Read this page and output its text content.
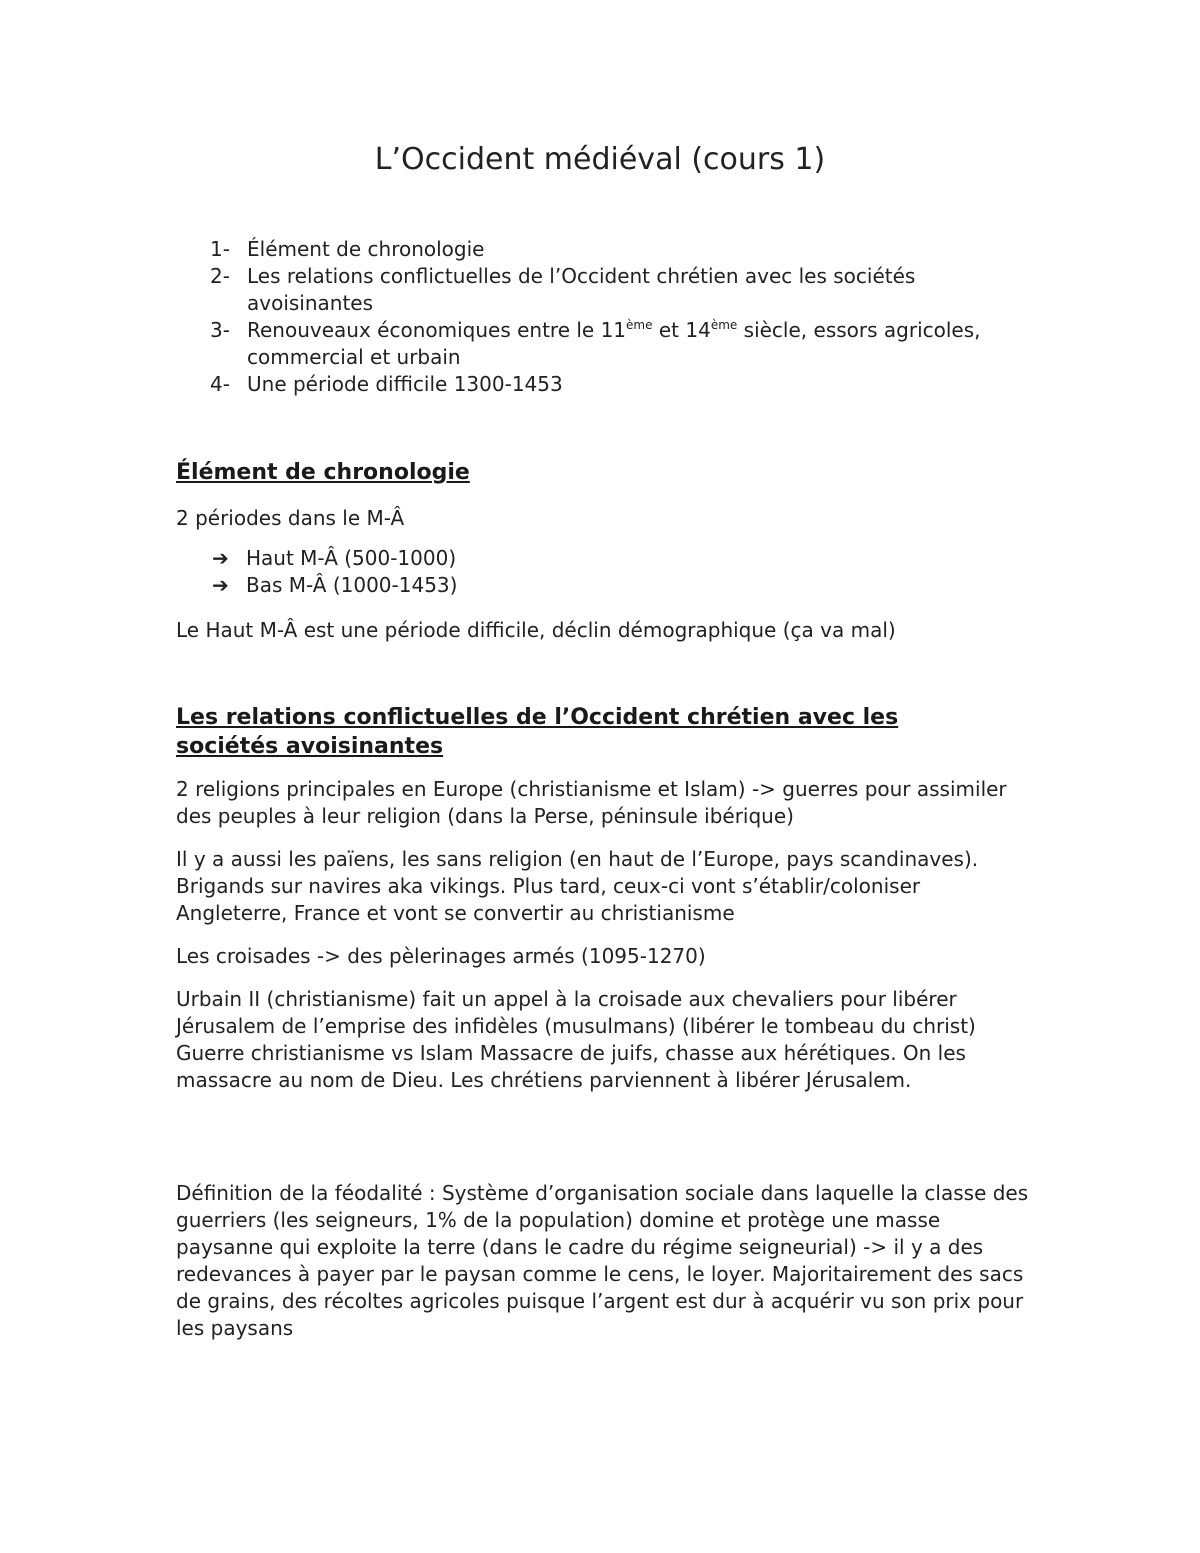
L’Occident médiéval (cours 1)
1- Élément de chronologie
2- Les relations conflictuelles de l’Occident chrétien avec les sociétés avoisinantes
3- Renouveaux économiques entre le 11ème et 14ème siècle, essors agricoles, commercial et urbain
4- Une période difficile 1300-1453
Élément de chronologie
2 périodes dans le M-Â
➔ Haut M-Â (500-1000)
➔ Bas M-Â (1000-1453)
Le Haut M-Â est une période difficile, déclin démographique (ça va mal)
Les relations conflictuelles de l’Occident chrétien avec les sociétés avoisinantes
2 religions principales en Europe (christianisme et Islam) -> guerres pour assimiler des peuples à leur religion (dans la Perse, péninsule ibérique)
Il y a aussi les païens, les sans religion (en haut de l’Europe, pays scandinaves). Brigands sur navires aka vikings. Plus tard, ceux-ci vont s’établir/coloniser Angleterre, France et vont se convertir au christianisme
Les croisades -> des pèlerinages armés (1095-1270)
Urbain II (christianisme) fait un appel à la croisade aux chevaliers pour libérer Jérusalem de l’emprise des infidèles (musulmans) (libérer le tombeau du christ) Guerre christianisme vs Islam Massacre de juifs, chasse aux hérétiques. On les massacre au nom de Dieu. Les chrétiens parviennent à libérer Jérusalem.
Définition de la féodalité : Système d’organisation sociale dans laquelle la classe des guerriers (les seigneurs, 1% de la population) domine et protège une masse paysanne qui exploite la terre (dans le cadre du régime seigneurial) -> il y a des redevances à payer par le paysan comme le cens, le loyer. Majoritairement des sacs de grains, des récoltes agricoles puisque l’argent est dur à acquérir vu son prix pour les paysans
